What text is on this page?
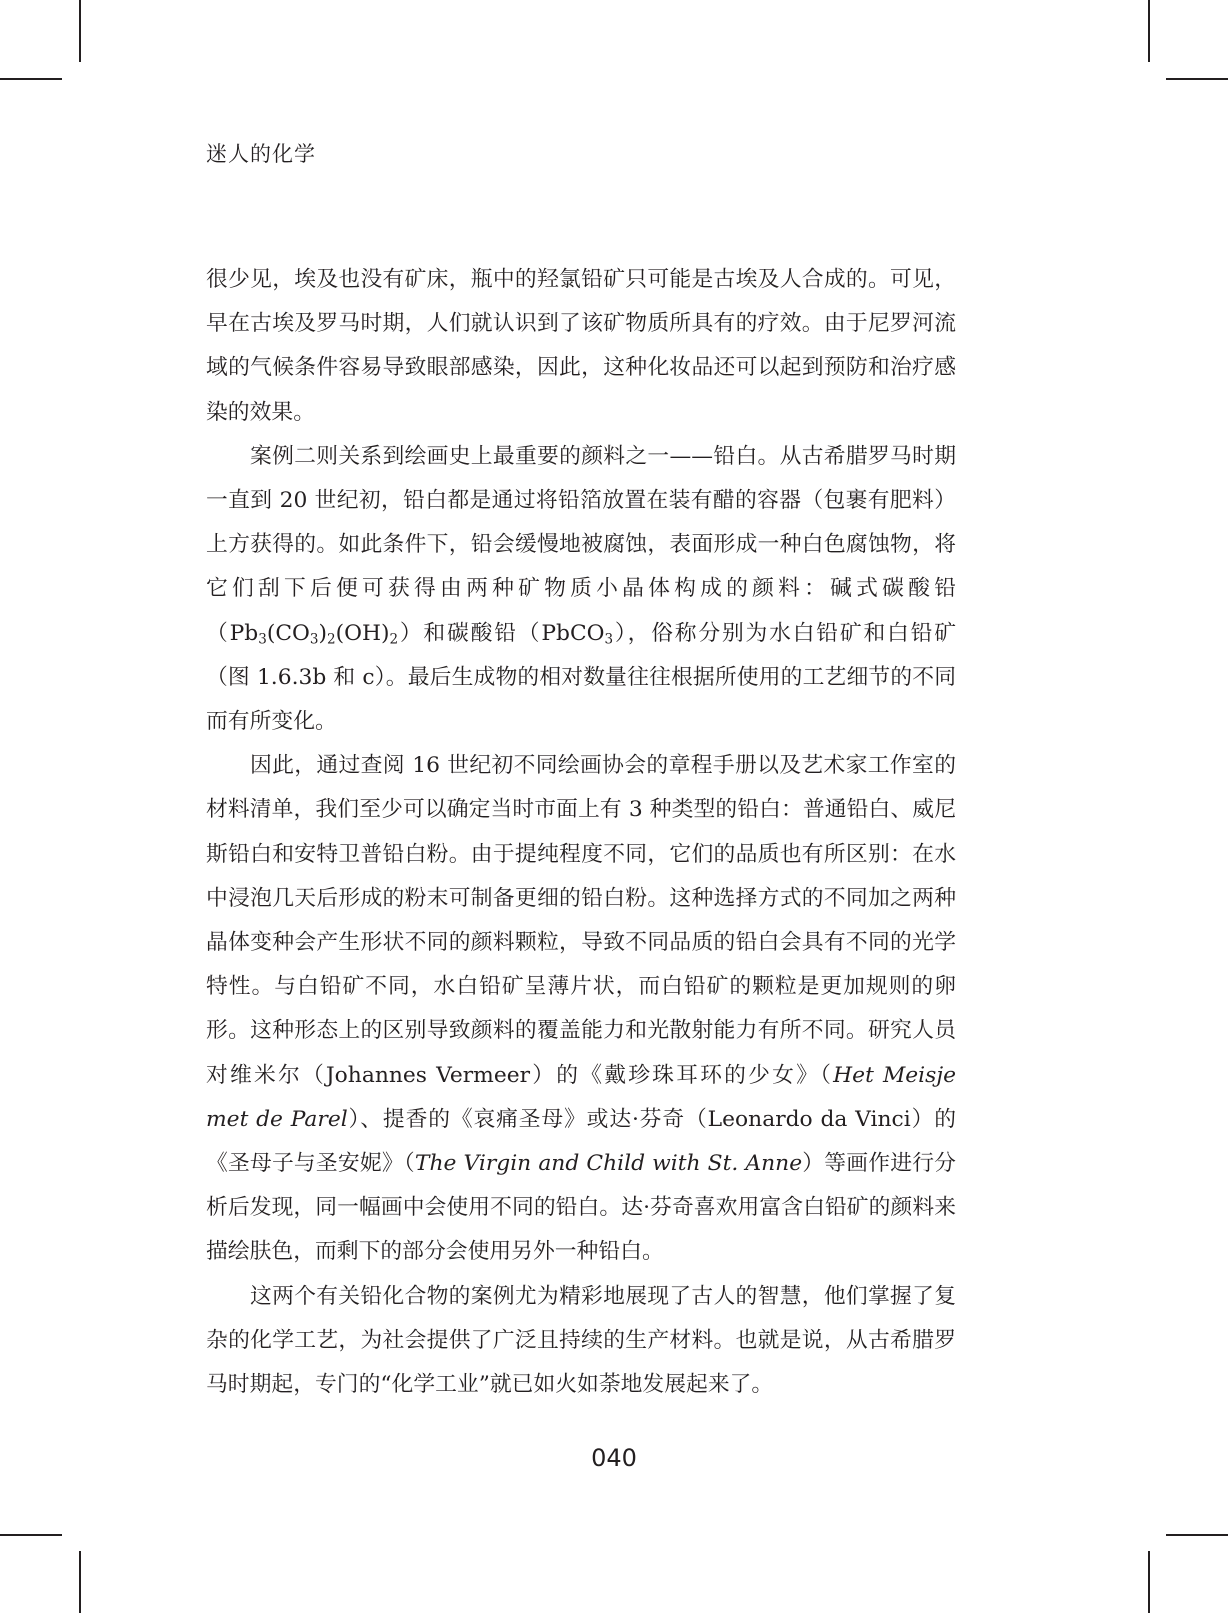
迷人的化学

很少见，埃及也没有矿床，瓶中的羟氯铅矿只可能是古埃及人合成的。可见，早在古埃及罗马时期，人们就认识到了该矿物质所具有的疗效。由于尼罗河流域的气候条件容易导致眼部感染，因此，这种化妆品还可以起到预防和治疗感染的效果。

案例二则关系到绘画史上最重要的颜料之一——铅白。从古希腊罗马时期一直到 20 世纪初，铅白都是通过将铅箔放置在装有醋的容器（包裹有肥料）上方获得的。如此条件下，铅会缓慢地被腐蚀，表面形成一种白色腐蚀物，将它们刮下后便可获得由两种矿物质小晶体构成的颜料：碱式碳酸铅$(Pb_3(CO_3)_2(OH)_2)$和碳酸铅（PbCO$_3$），俗称分别为水白铅矿和白铅矿（图 1.6.3b 和 c）。最后生成物的相对数量往往根据所使用的工艺细节的不同而有所变化。

因此，通过查阅 16 世纪初不同绘画协会的章程手册以及艺术家工作室的材料清单，我们至少可以确定当时市面上有 3 种类型的铅白：普通铅白、威尼斯铅白和安特卫普铅白粉。由于提纯程度不同，它们的品质也有所区别：在水中浸泡几天后形成的粉末可制备更细的铅白粉。这种选择方式的不同加之两种晶体变种会产生形状不同的颜料颗粒，导致不同品质的铅白会具有不同的光学特性。与白铅矿不同，水白铅矿呈薄片状，而白铅矿的颗粒是更加规则的卵形。这种形态上的区别导致颜料的覆盖能力和光散射能力有所不同。研究人员对维米尔（Johannes Vermeer）的《戴珍珠耳环的少女》（Het Meisje met de Parel）、提香的《哀痛圣母》或达·芬奇（Leonardo da Vinci）的《圣母子与圣安妮》（The Virgin and Child with St. Anne）等画作进行分析后发现，同一幅画中会使用不同的铅白。达·芬奇喜欢用富含白铅矿的颜料来描绘肤色，而剩下的部分会使用另外一种铅白。

这两个有关铅化合物的案例尤为精彩地展现了古人的智慧，他们掌握了复杂的化学工艺，为社会提供了广泛且持续的生产材料。也就是说，从古希腊罗马时期起，专门的“化学工业”就已如火如荼地发展起来了。

040
